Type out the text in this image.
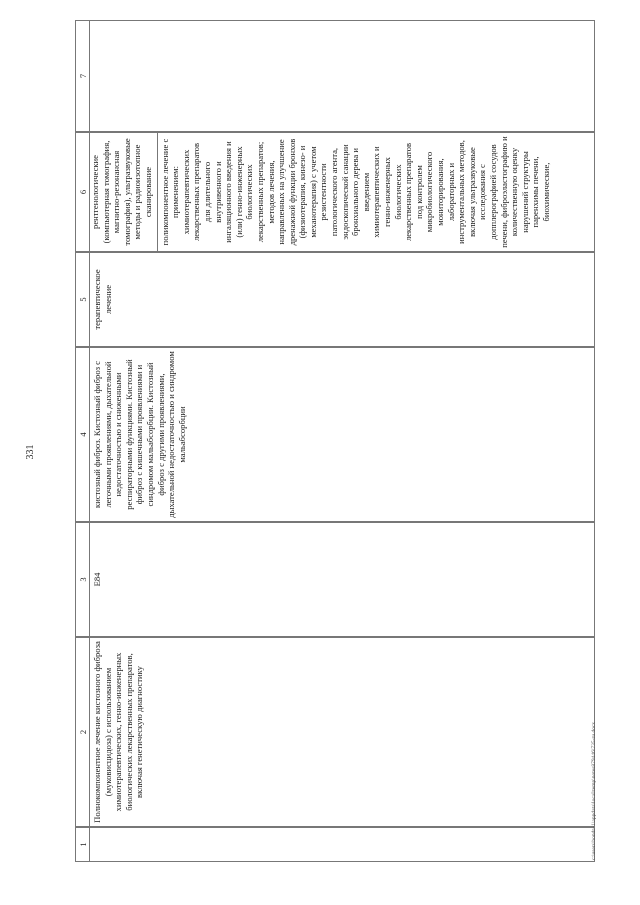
331
1
2 Полнокомпонентное лечение кистозного фиброза (муковисцидоза) с использованием химиотерапевтических, генно-инженерных биологических лекарственных препаратов, включая генетическую диагностику
3 E84
4 кистозный фиброз. Кистозный фиброз с легочными проявлениями, дыхательной недостаточностью и сниженными респираторными функциями. Кистозный фиброз с кишечными проявлениями и синдромом мальабсорбции. Кистозный фиброз с другими проявлениями, дыхательной недостаточностью и синдромом мальабсорбции
5 терапевтическое лечение
6 рентгенологические (компьютерная томография, магнитно-резонансная томография), ультразвуковые методы и радиоизотопное сканирование поликомпонентное лечение с применением: химиотерапевтических лекарственных препаратов для длительного внутривенного и ингаляционного введения и (или) генно-инженерных биологических лекарственных препаратов; методов лечения, направленных на улучшение дренажной функции бронхов (физиотерапия, кинезо- и механотерапия) с учетом резистентности патологического агента, эндоскопической санации бронхиального дерева и введением химиотерапевтических и генно-инженерных биологических лекарственных препаратов под контролем микробиологического мониторирования, лабораторных и инструментальных методов, включая ультразвуковые исследования с допплерографией сосудов печени, фиброэластографию и количественную оценку нарушений структуры паренхимы печени, биохимические,
7
c:\users\bondr~1\appdata\local\temp\notes879446\735-ru.docx
